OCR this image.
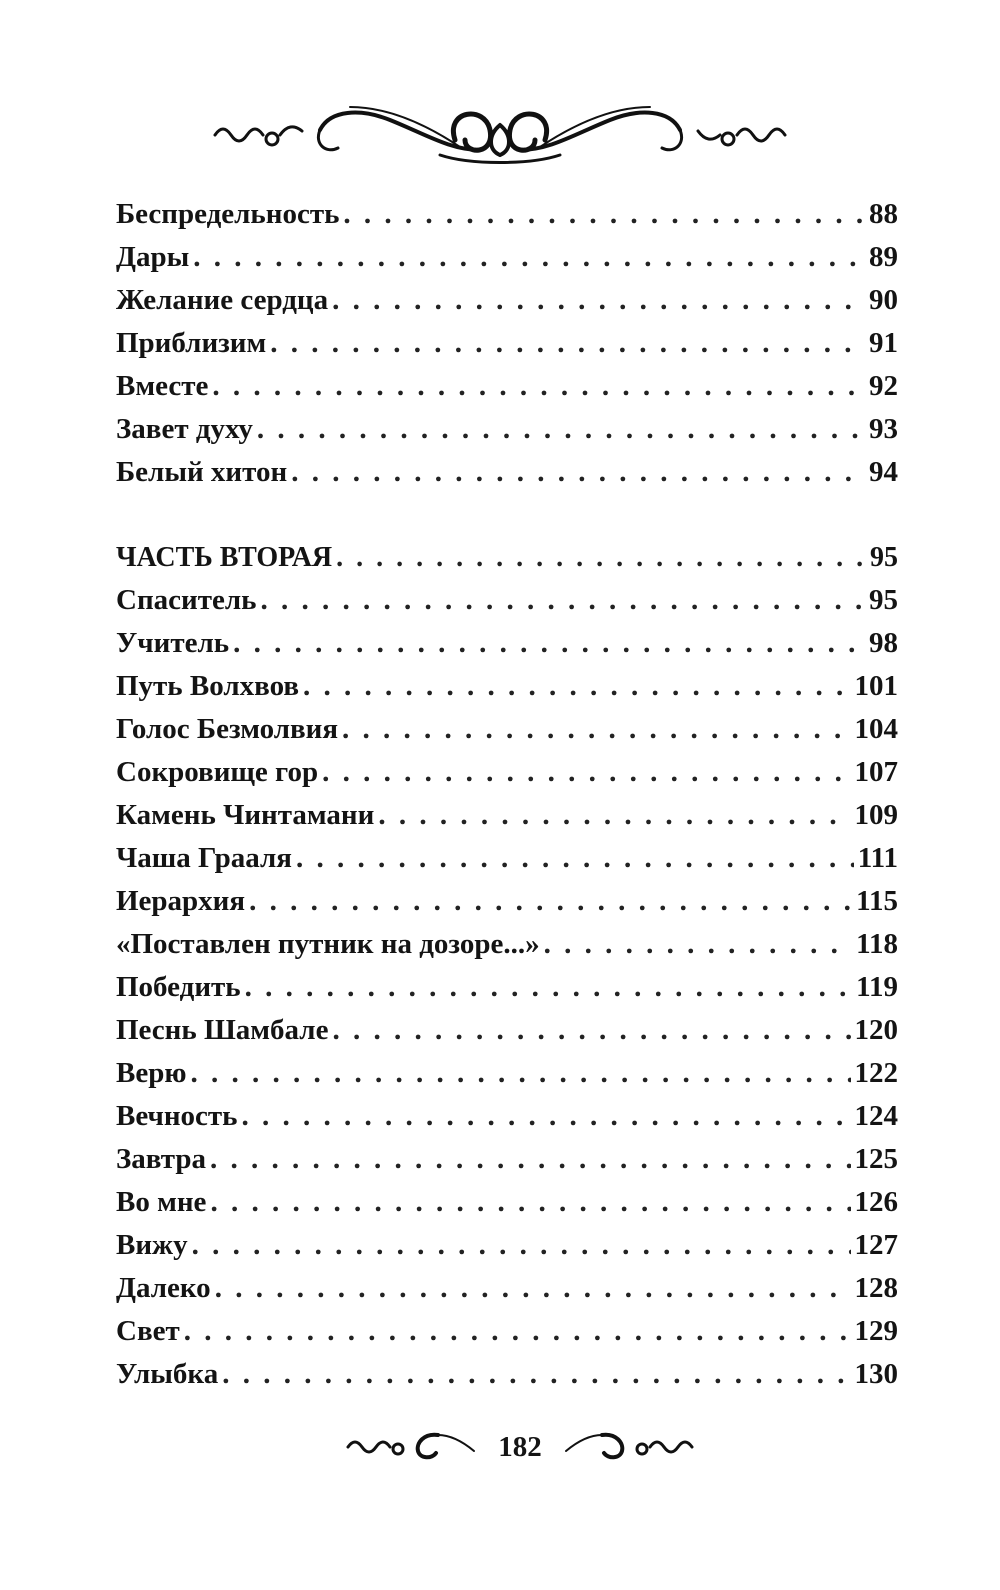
Беспредельность . . .	88
Дары . . .	89
Желание сердца . . .	90
Приблизим . . .	91
Вместе . . .	92
Завет духу . . .	93
Белый хитон . . .	94
ЧАСТЬ ВТОРАЯ . . .	95
Спаситель . . .	95
Учитель . . .	98
Путь Волхвов . . .	101
Голос Безмолвия . . .	104
Сокровище гор . . .	107
Камень Чинтамани . . .	109
Чаша Грааля . . .	111
Иерархия . . .	115
«Поставлен путник на дозоре...» . . .	118
Победить . . .	119
Песнь Шамбале . . .	120
Верю . . .	122
Вечность . . .	124
Завтра . . .	125
Во мне . . .	126
Вижу . . .	127
Далеко . . .	128
Свет . . .	129
Улыбка . . .	130
182
